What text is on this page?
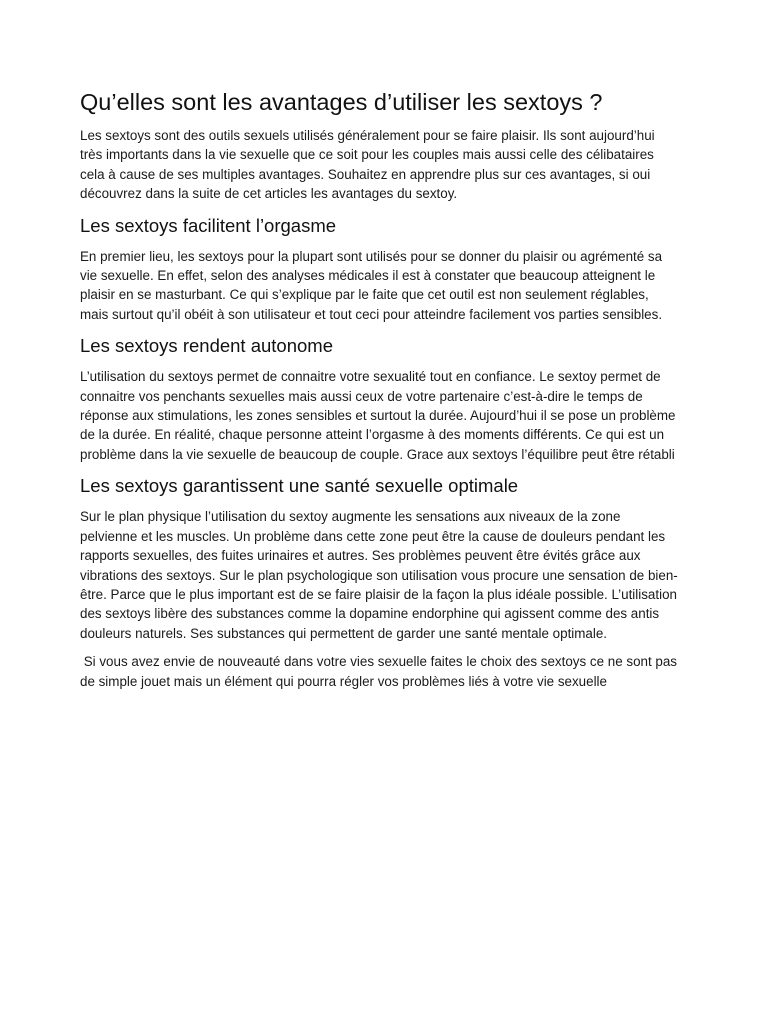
Qu’elles sont les avantages d’utiliser les sextoys ?

Les sextoys sont des outils sexuels utilisés généralement pour se faire plaisir. Ils sont aujourd’hui très importants dans la vie sexuelle que ce soit pour les couples mais aussi celle des célibataires cela à cause de ses multiples avantages. Souhaitez en apprendre plus sur ces avantages, si oui découvrez dans la suite de cet articles les avantages du sextoy.

Les sextoys facilitent l’orgasme

En premier lieu, les sextoys pour la plupart sont utilisés pour se donner du plaisir ou agrémenté sa vie sexuelle. En effet, selon des analyses médicales il est à constater que beaucoup atteignent le plaisir en se masturbant. Ce qui s’explique par le faite que cet outil est non seulement réglables, mais surtout qu’il obéit à son utilisateur et tout ceci pour atteindre facilement vos parties sensibles.

Les sextoys rendent autonome

L’utilisation du sextoys permet de connaitre votre sexualité tout en confiance. Le sextoy permet de connaitre vos penchants sexuelles mais aussi ceux de votre partenaire c’est-à-dire le temps de réponse aux stimulations, les zones sensibles et surtout la durée. Aujourd’hui il se pose un problème de la durée. En réalité, chaque personne atteint l’orgasme à des moments différents. Ce qui est un problème dans la vie sexuelle de beaucoup de couple. Grace aux sextoys l’équilibre peut être rétabli

Les sextoys garantissent une santé sexuelle optimale

Sur le plan physique l’utilisation du sextoy augmente les sensations aux niveaux de la zone pelvienne et les muscles. Un problème dans cette zone peut être la cause de douleurs pendant les rapports sexuelles, des fuites urinaires et autres. Ses problèmes peuvent être évités grâce aux vibrations des sextoys. Sur le plan psychologique son utilisation vous procure une sensation de bien-être. Parce que le plus important est de se faire plaisir de la façon la plus idéale possible. L’utilisation des sextoys libère des substances comme la dopamine endorphine qui agissent comme des antis douleurs naturels. Ses substances qui permettent de garder une santé mentale optimale.

Si vous avez envie de nouveauté dans votre vies sexuelle faites le choix des sextoys ce ne sont pas de simple jouet mais un élément qui pourra régler vos problèmes liés à votre vie sexuelle
